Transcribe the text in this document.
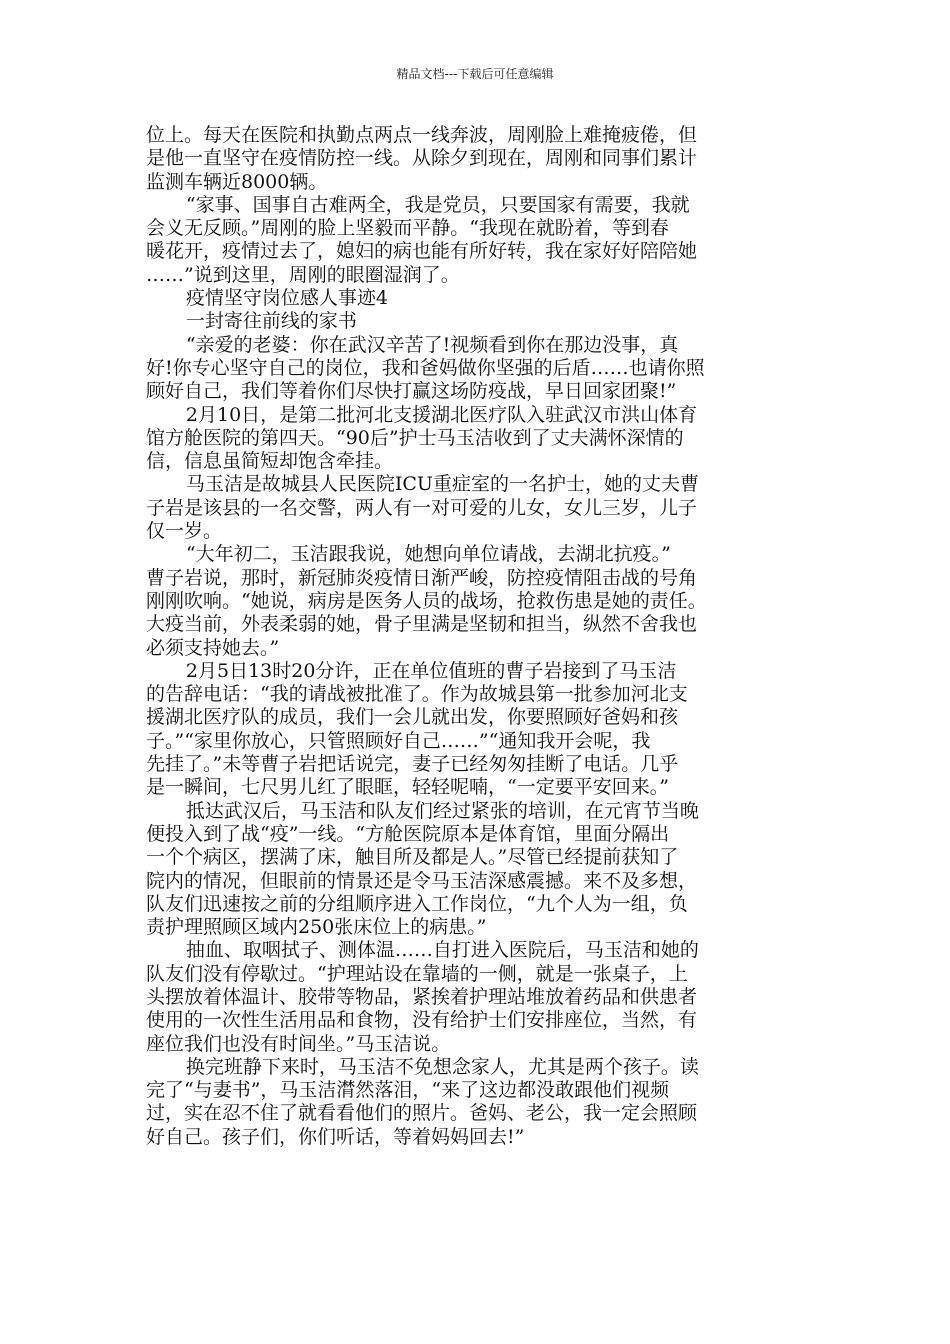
精品文档---下载后可任意编辑

位上。每天在医院和执勤点两点一线奔波，周刚脸上难掩疲倦，但

是他一直坚守在疫情防控一线。从除夕到现在，周刚和同事们累计

监测车辆近8000辆。

“家事、国事自古难两全，我是党员，只要国家有需要，我就

会义无反顾。”周刚的脸上坚毅而平静。“我现在就盼着，等到春

暖花开，疫情过去了，媳妇的病也能有所好转，我在家好好陪陪她

……”说到这里，周刚的眼圈湿润了。

疫情坚守岗位感人事迹4

一封寄往前线的家书

“亲爱的老婆：你在武汉辛苦了!视频看到你在那边没事，真

好!你专心坚守自己的岗位，我和爸妈做你坚强的后盾……也请你照

顾好自己，我们等着你们尽快打赢这场防疫战，早日回家团聚!”

2月10日，是第二批河北支援湖北医疗队入驻武汉市洪山体育

馆方舱医院的第四天。“90后”护士马玉洁收到了丈夫满怀深情的

信，信息虽简短却饱含牵挂。

马玉洁是故城县人民医院ICU重症室的一名护士，她的丈夫曹

子岩是该县的一名交警，两人有一对可爱的儿女，女儿三岁，儿子

仅一岁。

“大年初二，玉洁跟我说，她想向单位请战，去湖北抗疫。”

曹子岩说，那时，新冠肺炎疫情日渐严峻，防控疫情阻击战的号角

刚刚吹响。“她说，病房是医务人员的战场，抢救伤患是她的责任。

大疫当前，外表柔弱的她，骨子里满是坚韧和担当，纵然不舍我也

必须支持她去。”

2月5日13时20分许，正在单位值班的曹子岩接到了马玉洁

的告辞电话：“我的请战被批准了。作为故城县第一批参加河北支

援湖北医疗队的成员，我们一会儿就出发，你要照顾好爸妈和孩

子。”“家里你放心，只管照顾好自己……”“通知我开会呢，我

先挂了。”未等曹子岩把话说完，妻子已经匆匆挂断了电话。几乎

是一瞬间，七尺男儿红了眼眶，轻轻呢喃，“一定要平安回来。”

抵达武汉后，马玉洁和队友们经过紧张的培训，在元宵节当晚

便投入到了战“疫”一线。“方舱医院原本是体育馆，里面分隔出

一个个病区，摆满了床，触目所及都是人。”尽管已经提前获知了

院内的情况，但眼前的情景还是令马玉洁深感震撼。来不及多想，

队友们迅速按之前的分组顺序进入工作岗位，“九个人为一组，负

责护理照顾区域内250张床位上的病患。”

抽血、取咽拭子、测体温……自打进入医院后，马玉洁和她的

队友们没有停歇过。“护理站设在靠墙的一侧，就是一张桌子，上

头摆放着体温计、胶带等物品，紧挨着护理站堆放着药品和供患者

使用的一次性生活用品和食物，没有给护士们安排座位，当然，有

座位我们也没有时间坐。”马玉洁说。

换完班静下来时，马玉洁不免想念家人，尤其是两个孩子。读

完了“与妻书”，马玉洁潸然落泪，“来了这边都没敢跟他们视频

过，实在忍不住了就看看他们的照片。爸妈、老公，我一定会照顾

好自己。孩子们，你们听话，等着妈妈回去!”
